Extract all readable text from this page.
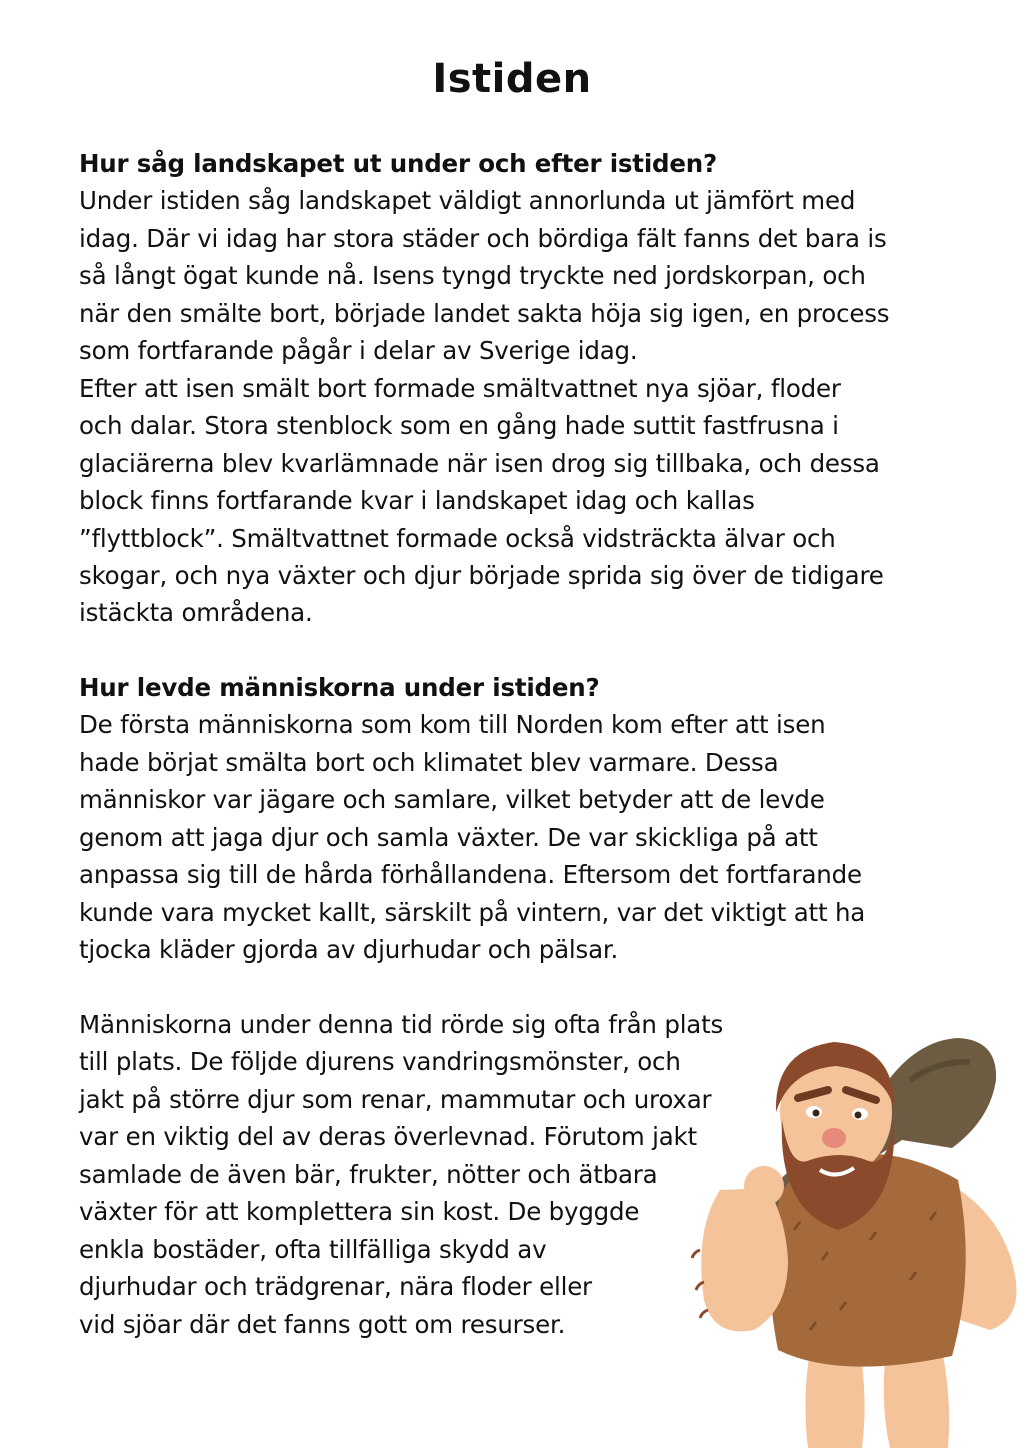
Istiden
Hur såg landskapet ut under och efter istiden?
Under istiden såg landskapet väldigt annorlunda ut jämfört med
idag. Där vi idag har stora städer och bördiga fält fanns det bara is
så långt ögat kunde nå. Isens tyngd tryckte ned jordskorpan, och
när den smälte bort, började landet sakta höja sig igen, en process
som fortfarande pågår i delar av Sverige idag.
Efter att isen smält bort formade smältvattnet nya sjöar, floder
och dalar. Stora stenblock som en gång hade suttit fastfrusna i
glaciärerna blev kvarlämnade när isen drog sig tillbaka, och dessa
block finns fortfarande kvar i landskapet idag och kallas
”flyttblock”. Smältvattnet formade också vidsträckta älvar och
skogar, och nya växter och djur började sprida sig över de tidigare
istäckta områdena.
Hur levde människorna under istiden?
De första människorna som kom till Norden kom efter att isen
hade börjat smälta bort och klimatet blev varmare. Dessa
människor var jägare och samlare, vilket betyder att de levde
genom att jaga djur och samla växter. De var skickliga på att
anpassa sig till de hårda förhållandena. Eftersom det fortfarande
kunde vara mycket kallt, särskilt på vintern, var det viktigt att ha
tjocka kläder gjorda av djurhudar och pälsar.
Människorna under denna tid rörde sig ofta från plats
till plats. De följde djurens vandringsmönster, och
jakt på större djur som renar, mammutar och uroxar
var en viktig del av deras överlevnad. Förutom jakt
samlade de även bär, frukter, nötter och ätbara
växter för att komplettera sin kost. De byggde
enkla bostäder, ofta tillfälliga skydd av
djurhudar och trädgrenar, nära floder eller
vid sjöar där det fanns gott om resurser.
